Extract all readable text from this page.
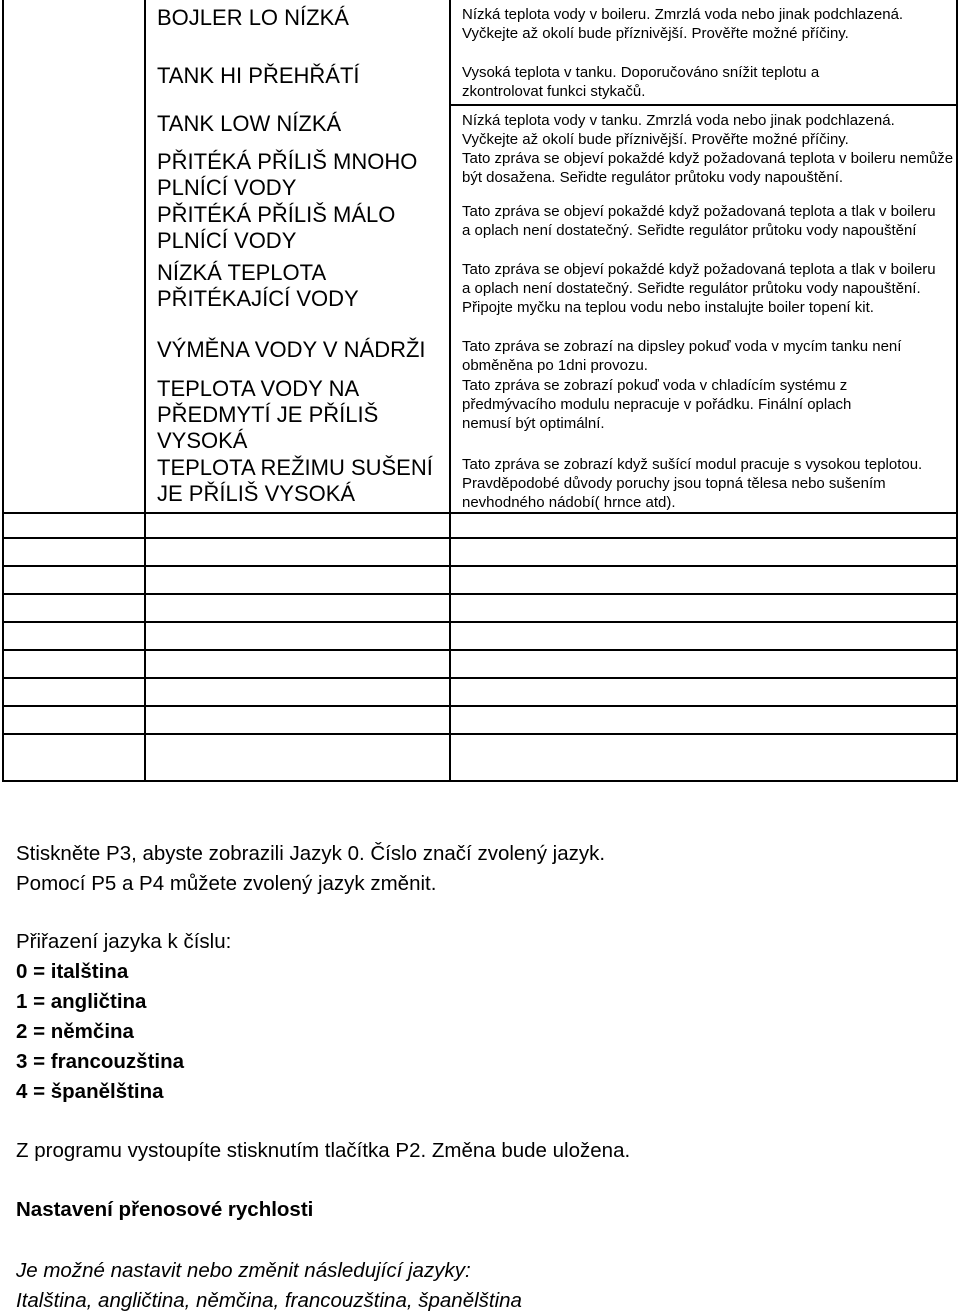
BOJLER LO NÍZKÁ
TANK HI PŘEHŘÁTÍ
TANK LOW NÍZKÁ
PŘITÉKÁ PŘÍLIŠ MNOHO PLNÍCÍ VODY
PŘITÉKÁ PŘÍLIŠ MÁLO PLNÍCÍ VODY
NÍZKÁ TEPLOTA PŘITÉKAJÍCÍ VODY
VÝMĚNA VODY V NÁDRŽI
TEPLOTA VODY NA PŘEDMYTÍ JE PŘÍLIŠ VYSOKÁ
TEPLOTA REŽIMU SUŠENÍ JE PŘÍLIŠ VYSOKÁ
Nízká teplota vody v boileru. Zmrzlá voda nebo jinak podchlazená. Vyčkejte až okolí bude příznivější. Prověřte možné příčiny.
Vysoká teplota v tanku. Doporučováno snížit teplotu a zkontrolovat funkci stykačů.
Nízká teplota vody v tanku. Zmrzlá voda nebo jinak podchlazená. Vyčkejte až okolí bude příznivější. Prověřte možné příčiny.
Tato zpráva se objeví pokaždé když požadovaná teplota v boileru nemůže být dosažena. Seřidte regulátor průtoku vody napouštění.
Tato zpráva se objeví pokaždé když požadovaná teplota a tlak v boileru a oplach není dostatečný. Seřidte regulátor průtoku vody napouštění
Tato zpráva se objeví pokaždé když požadovaná teplota a tlak v boileru a oplach není dostatečný. Seřidte regulátor průtoku vody napouštění. Připojte myčku na teplou vodu nebo instalujte boiler topení kit.
Tato zpráva se zobrazí na dipsley pokuď voda v mycím tanku není obměněna po 1dni provozu.
Tato zpráva se zobrazí pokuď voda v chladícím systému z předmývacího modulu nepracuje v pořádku. Finální oplach nemusí být optimální.
Tato zpráva se zobrazí když sušící modul pracuje s vysokou teplotou. Pravděpodobé důvody poruchy jsou topná tělesa nebo sušením nevhodného nádobí( hrnce atd).
Stiskněte P3, abyste zobrazili Jazyk 0. Číslo značí zvolený jazyk.
Pomocí P5 a P4 můžete zvolený jazyk změnit.
Přiřazení jazyka k číslu:
0 = italština
1 = angličtina
2 = němčina
3 = francouzština
4 = španělština
Z programu vystoupíte stisknutím tlačítka P2. Změna bude uložena.
Nastavení přenosové rychlosti
Je možné nastavit nebo změnit následující jazyky:
Italština, angličtina, němčina, francouzština, španělština
